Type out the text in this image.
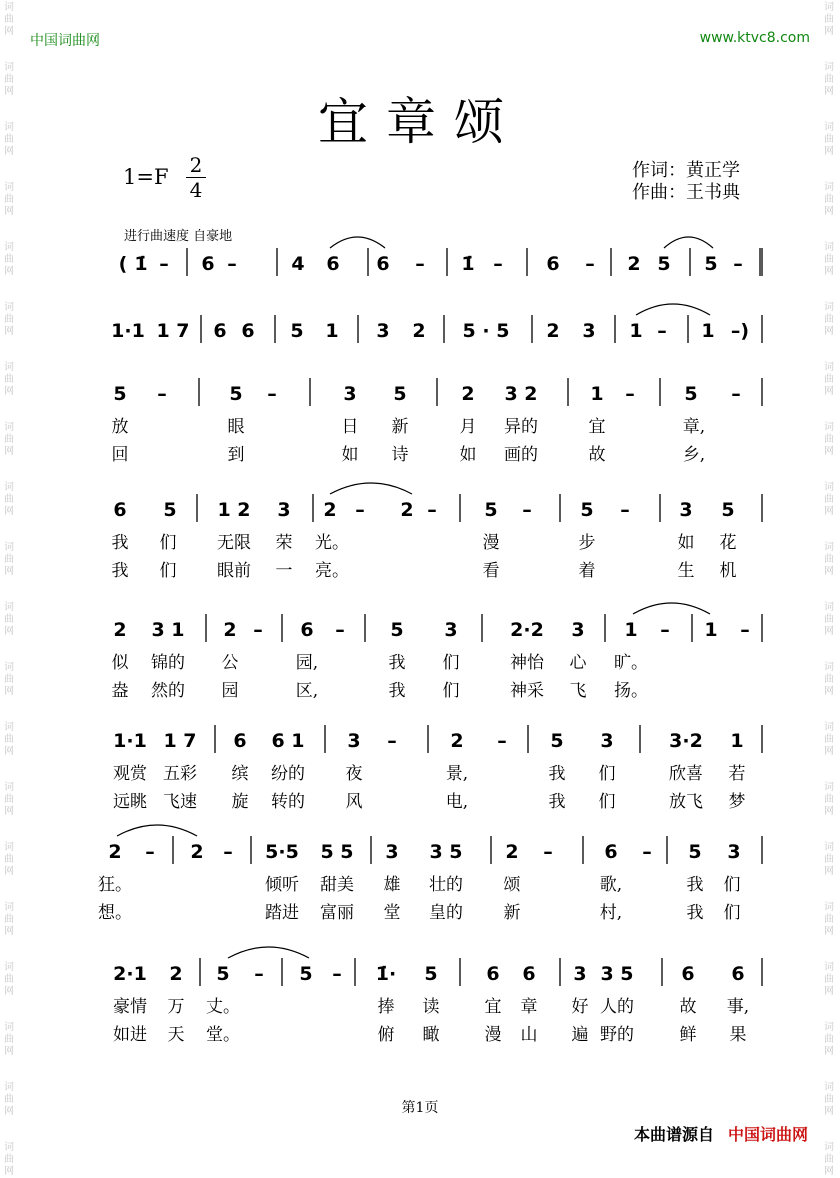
中国词曲网	www.ktvc8.com
宜章颂
1=F 2
4
作词：黄正学
作曲：王书典
进行曲速度 自豪地
( 1̇ – 6 –	4 6 6 – 1̇ – 6 – 2 5 5 –
1·1 1 7 6 6 5 1 3 2 5 · 5 2 3 1 – 1 –)
5 –	5 –	3 5	2 3 2	1 –	5 –
放	眼	日 新	月 异的	宜	章,
回	到	如 诗	如 画的	故	乡,
6 5 1 2 3 2 – 2 –	5 –	5 –	3 5
我 们 无限 荣 光。	漫	步	如 花
我 们 眼前 一 亮。	看	着	生 机
2 3 1 2 – 6 – 5 3	2·2 3 1 – 1 –
似 锦的 公	园,	我 们	神怡 心 旷。
盎 然的 园	区,	我 们	神采 飞 扬。
1·1 1 7 6 6 1 3 –	2 – 5 3	3·2 1
观赏 五彩 缤 纷的 夜	景,	我 们	欣喜 若
远眺 飞速 旋 转的 风	电,	我 们	放飞 梦
2 – 2 – 5·5 5 5 3 3 5 2 –	6 – 5 3
狂。	倾听 甜美 雄 壮的 颂	歌,	我 们
想。	踏进 富丽 堂 皇的 新	村,	我 们
2·1 2 5 – 5 – 1̇· 5	6 6 3 3 5	6 6
豪情 万 丈。	捧 读	宜 章 好 人的	故 事,
如进 天 堂。	俯 瞰	漫 山 遍 野的	鲜 果
第1页
本曲谱源自 中国词曲网
词
曲
网
词
曲
网
词
曲
网
词
曲
网
词
曲
网
词
曲
网
词
曲
网
词
曲
网
词
曲
网
词
曲
网
词
曲
网
词
曲
网
词
曲
网
词
曲
网
词
曲
网
词
曲
网
词
曲
网
词
曲
网
词
曲
网
词
曲
网
词
曲
网
词
曲
网
词
曲
网
词
曲
网
词
曲
网
词
曲
网
词
曲
网
词
曲
网
词
曲
网
词
曲
网
词
曲
网
词
曲
网
词
曲
网
词
曲
网
词
曲
网
词
曲
网
词
曲
网
词
曲
网
词
曲
网
词
曲
网
